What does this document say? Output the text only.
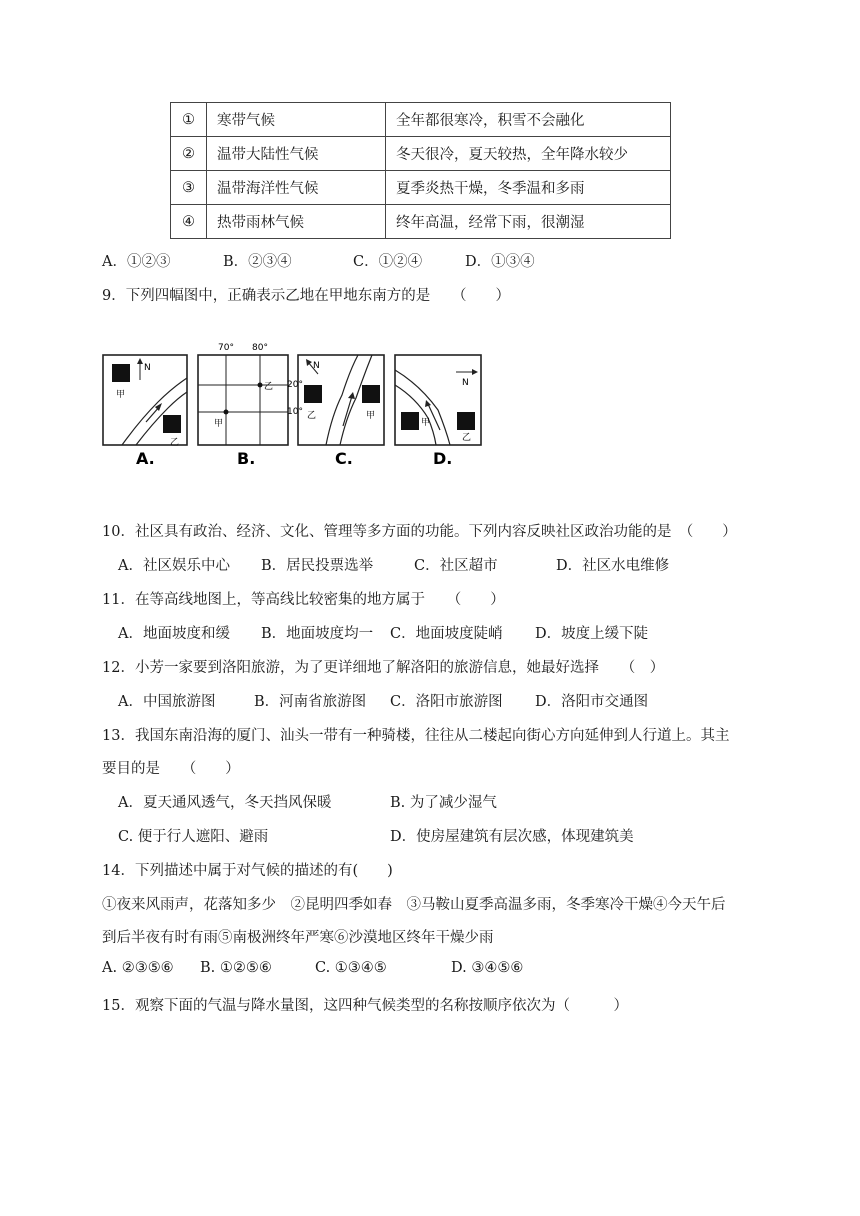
①	寒带气候	全年都很寒冷，积雪不会融化
②	温带大陆性气候	冬天很冷，夏天较热，全年降水较少
③	温带海洋性气候	夏季炎热干燥，冬季温和多雨
④	热带雨林气候	终年高温，经常下雨，很潮湿
A．①②③	B．②③④	C．①②④	D．①③④
9．下列四幅图中，正确表示乙地在甲地东南方的是　　（　　）
甲
乙
N
A.
70° 80°
20°
10°
甲
乙
B.
乙	甲
N
C.
甲
乙
N
D.
10．社区具有政治、经济、文化、管理等多方面的功能。下列内容反映社区政治功能的是　（　　）
A．社区娱乐中心 B．居民投票选举	C．社区超市	D．社区水电维修
11．在等高线地图上，等高线比较密集的地方属于　　（　　）
A．地面坡度和缓 B．地面坡度均一 C．地面坡度陡峭 D．坡度上缓下陡
12．小芳一家要到洛阳旅游，为了更详细地了解洛阳的旅游信息，她最好选择　　（　）
A．中国旅游图	B．河南省旅游图 C．洛阳市旅游图 D．洛阳市交通图
13．我国东南沿海的厦门、汕头一带有一种骑楼，往往从二楼起向街心方向延伸到人行道上。其主
要目的是　　（　　）
A．夏天通风透气，冬天挡风保暖	B. 为了减少湿气
C. 便于行人遮阳、避雨	D．使房屋建筑有层次感，体现建筑美
14．下列描述中属于对气候的描述的有(　　)
①夜来风雨声，花落知多少　②昆明四季如春　③马鞍山夏季高温多雨，冬季寒冷干燥④今天午后
到后半夜有时有雨⑤南极洲终年严寒⑥沙漠地区终年干燥少雨
A. ②③⑤⑥ B. ①②⑤⑥	C. ①③④⑤	D. ③④⑤⑥
15．观察下面的气温与降水量图，这四种气候类型的名称按顺序依次为（　　　）
